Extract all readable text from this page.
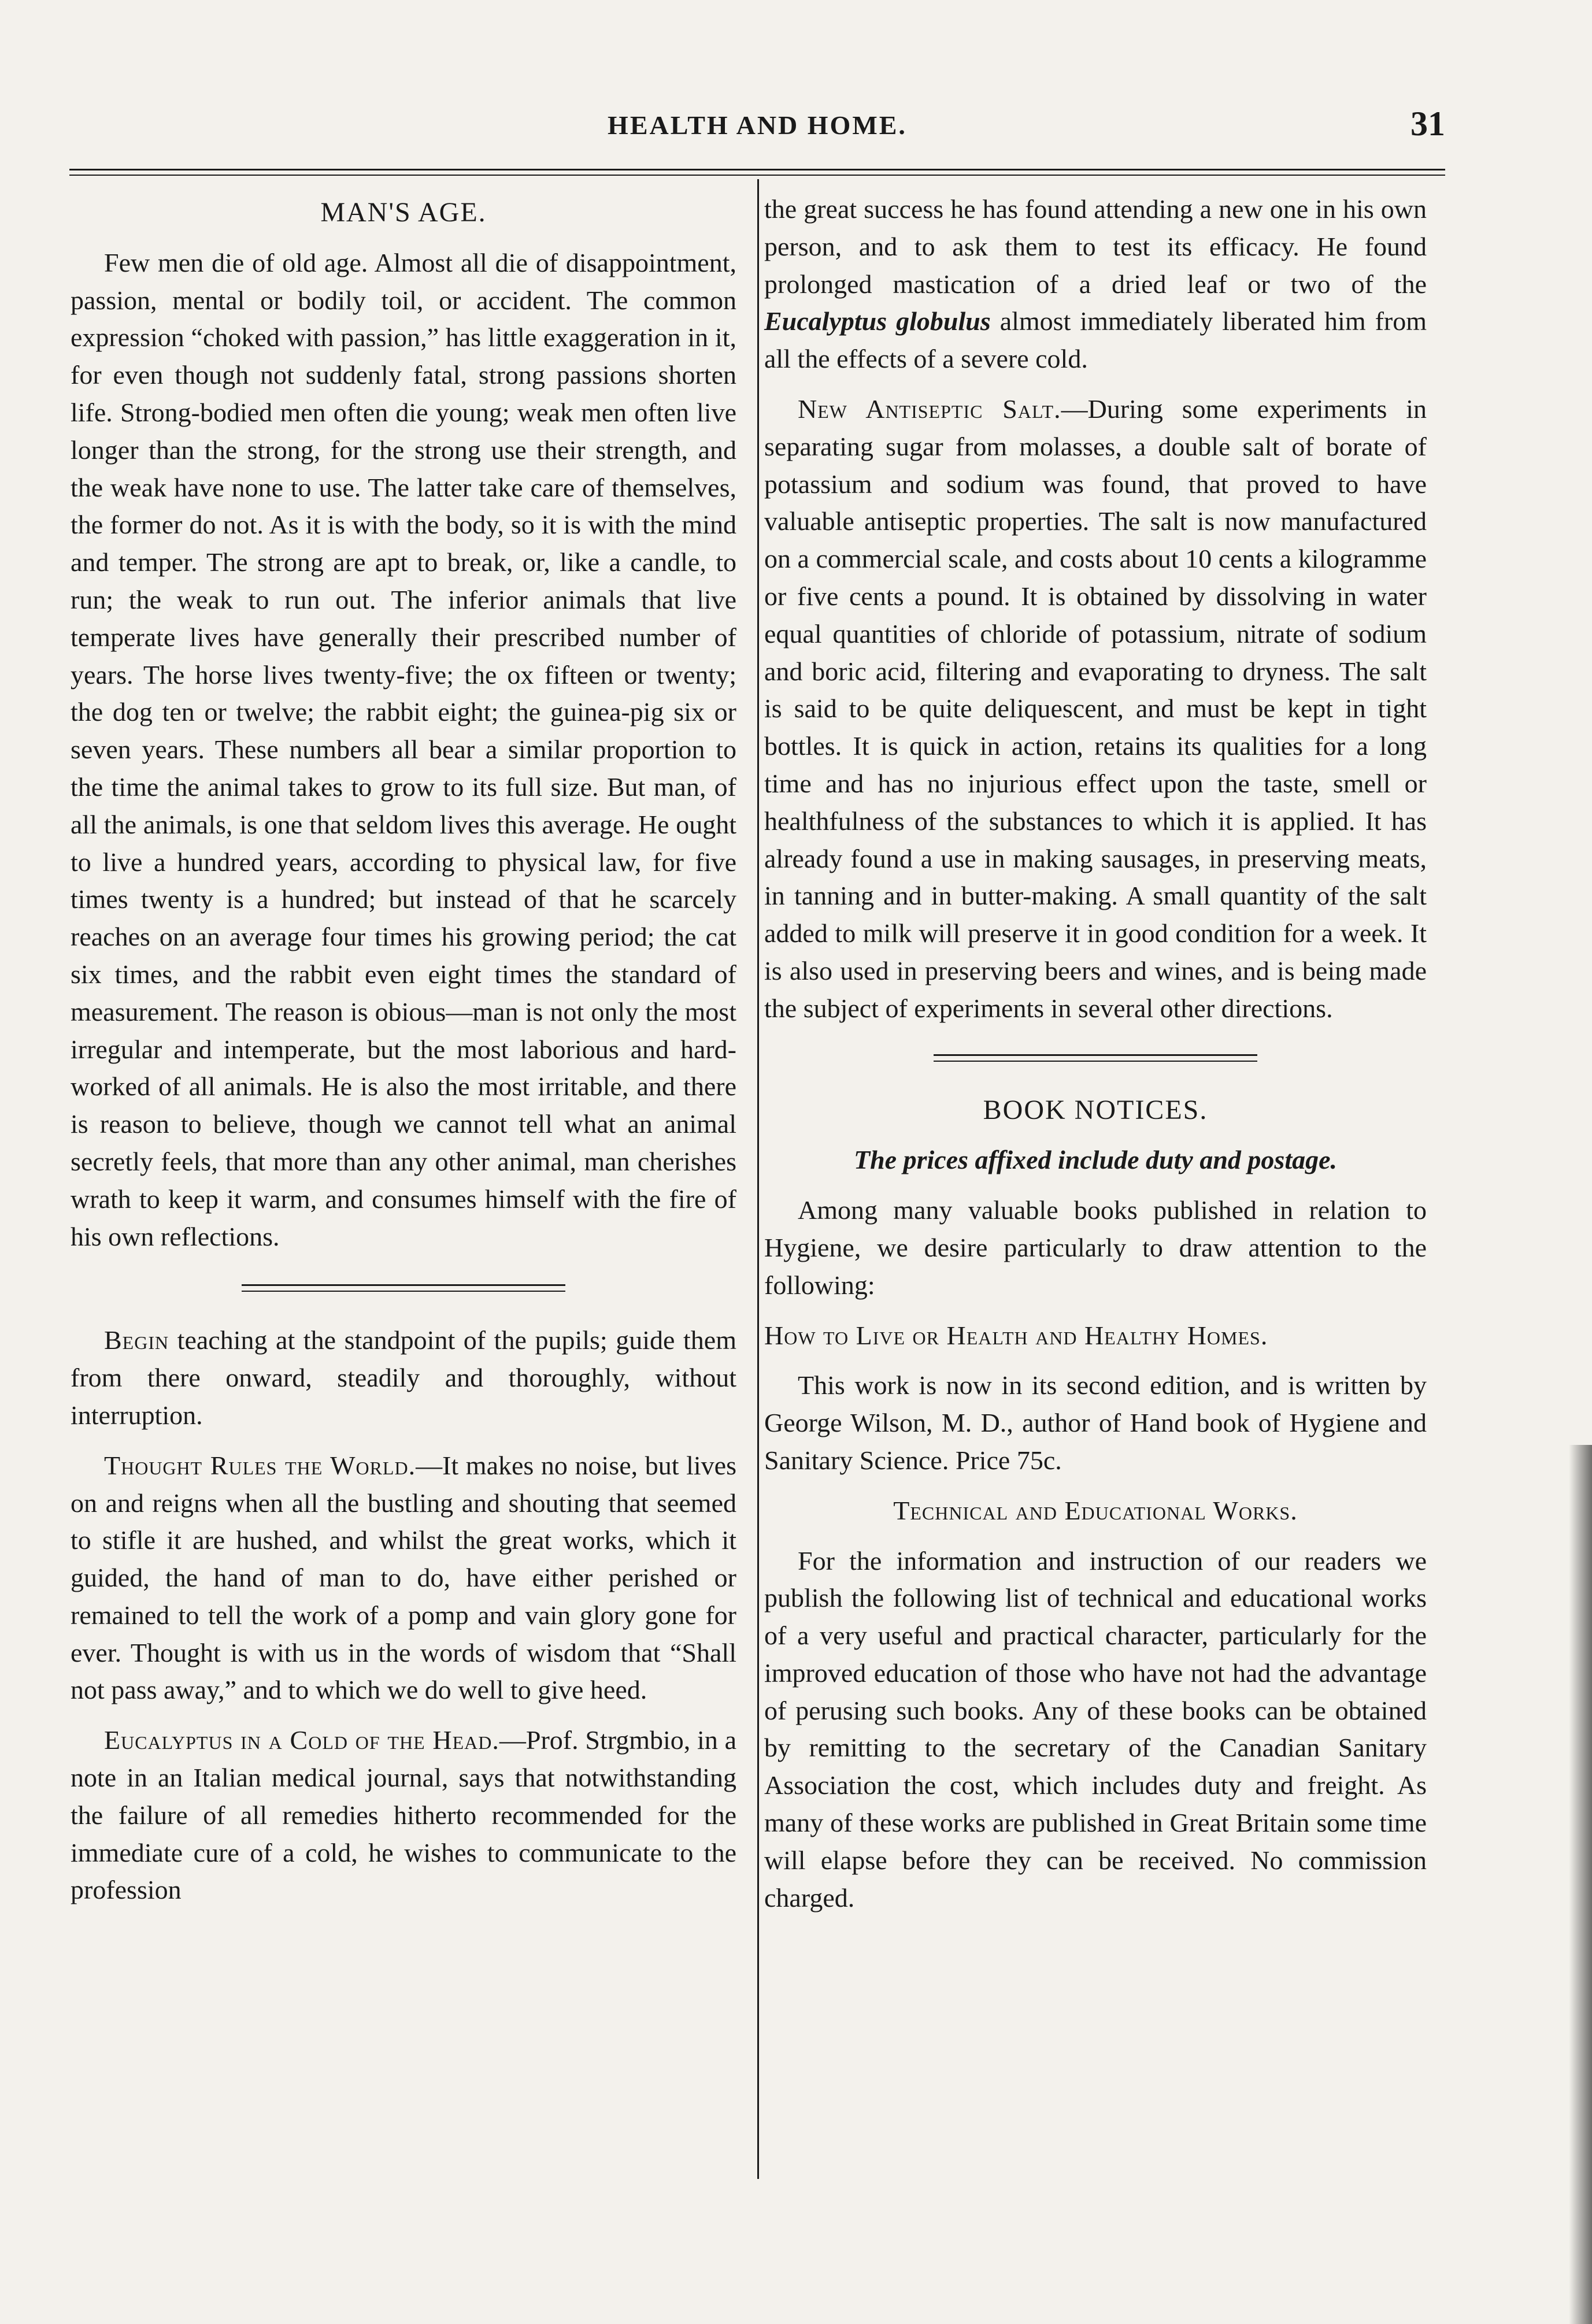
HEALTH AND HOME.	31
MAN'S AGE.

Few men die of old age. Almost all die of disappointment, passion, mental or bodily toil, or accident. The common expression “choked with passion,” has little exaggeration in it, for even though not suddenly fatal, strong passions shorten life. Strong-bodied men often die young; weak men often live longer than the strong, for the strong use their strength, and the weak have none to use. The latter take care of themselves, the former do not. As it is with the body, so it is with the mind and temper. The strong are apt to break, or, like a candle, to run; the weak to run out. The inferior animals that live temperate lives have generally their prescribed number of years. The horse lives twenty-five; the ox fifteen or twenty; the dog ten or twelve; the rabbit eight; the guinea-pig six or seven years. These numbers all bear a similar proportion to the time the animal takes to grow to its full size. But man, of all the animals, is one that seldom lives this average. He ought to live a hundred years, according to physical law, for five times twenty is a hundred; but instead of that he scarcely reaches on an average four times his growing period; the cat six times, and the rabbit even eight times the standard of measurement. The reason is obious—man is not only the most irregular and intemperate, but the most laborious and hard-worked of all animals. He is also the most irritable, and there is reason to believe, though we cannot tell what an animal secretly feels, that more than any other animal, man cherishes wrath to keep it warm, and consumes himself with the fire of his own reflections.

Begin teaching at the standpoint of the pupils; guide them from there onward, steadily and thoroughly, without interruption.

Thought Rules the World.—It makes no noise, but lives on and reigns when all the bustling and shouting that seemed to stifle it are hushed, and whilst the great works, which it guided, the hand of man to do, have either perished or remained to tell the work of a pomp and vain glory gone for ever. Thought is with us in the words of wisdom that “Shall not pass away,” and to which we do well to give heed.

Eucalyptus in a Cold of the Head.—Prof. Strgmbio, in a note in an Italian medical journal, says that notwithstanding the failure of all remedies hitherto recommended for the immediate cure of a cold, he wishes to communicate to the profession

the great success he has found attending a new one in his own person, and to ask them to test its efficacy. He found prolonged mastication of a dried leaf or two of the Eucalyptus globulus almost immediately liberated him from all the effects of a severe cold.

New Antiseptic Salt.—During some experiments in separating sugar from molasses, a double salt of borate of potassium and sodium was found, that proved to have valuable antiseptic properties. The salt is now manufactured on a commercial scale, and costs about 10 cents a kilogramme or five cents a pound. It is obtained by dissolving in water equal quantities of chloride of potassium, nitrate of sodium and boric acid, filtering and evaporating to dryness. The salt is said to be quite deliquescent, and must be kept in tight bottles. It is quick in action, retains its qualities for a long time and has no injurious effect upon the taste, smell or healthfulness of the substances to which it is applied. It has already found a use in making sausages, in preserving meats, in tanning and in butter-making. A small quantity of the salt added to milk will preserve it in good condition for a week. It is also used in preserving beers and wines, and is being made the subject of experiments in several other directions.

BOOK NOTICES.
The prices affixed include duty and postage.

Among many valuable books published in relation to Hygiene, we desire particularly to draw attention to the following:

How to Live or Health and Healthy Homes.

This work is now in its second edition, and is written by George Wilson, M. D., author of Hand book of Hygiene and Sanitary Science. Price 75c.

Technical and Educational Works.

For the information and instruction of our readers we publish the following list of technical and educational works of a very useful and practical character, particularly for the improved education of those who have not had the advantage of perusing such books. Any of these books can be obtained by remitting to the secretary of the Canadian Sanitary Association the cost, which includes duty and freight. As many of these works are published in Great Britain some time will elapse before they can be received. No commission charged.
